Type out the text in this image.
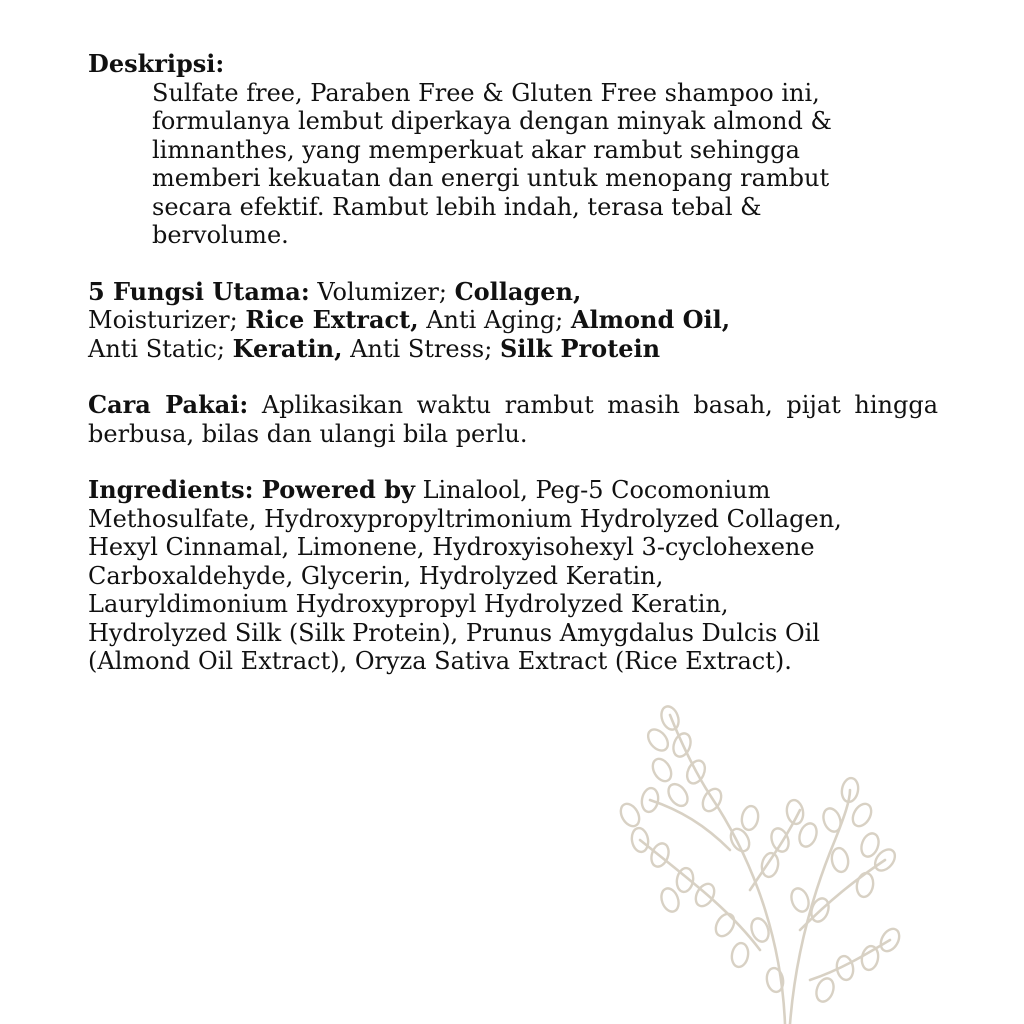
Deskripsi:
Sulfate free, Paraben Free & Gluten Free shampoo ini,
formulanya lembut diperkaya dengan minyak almond &
limnanthes, yang memperkuat akar rambut sehingga
memberi kekuatan dan energi untuk menopang rambut
secara efektif. Rambut lebih indah, terasa tebal &
bervolume.
5 Fungsi Utama: Volumizer; Collagen,
Moisturizer; Rice Extract, Anti Aging; Almond Oil,
Anti Static; Keratin, Anti Stress; Silk Protein
Cara Pakai: Aplikasikan waktu rambut masih basah, pijat hingga berbusa, bilas dan ulangi bila perlu.
Ingredients: Powered by Linalool, Peg-5 Cocomonium
Methosulfate, Hydroxypropyltrimonium Hydrolyzed Collagen,
Hexyl Cinnamal, Limonene, Hydroxyisohexyl 3-cyclohexene
Carboxaldehyde, Glycerin, Hydrolyzed Keratin,
Lauryldimonium Hydroxypropyl Hydrolyzed Keratin,
Hydrolyzed Silk (Silk Protein), Prunus Amygdalus Dulcis Oil
(Almond Oil Extract), Oryza Sativa Extract (Rice Extract).
